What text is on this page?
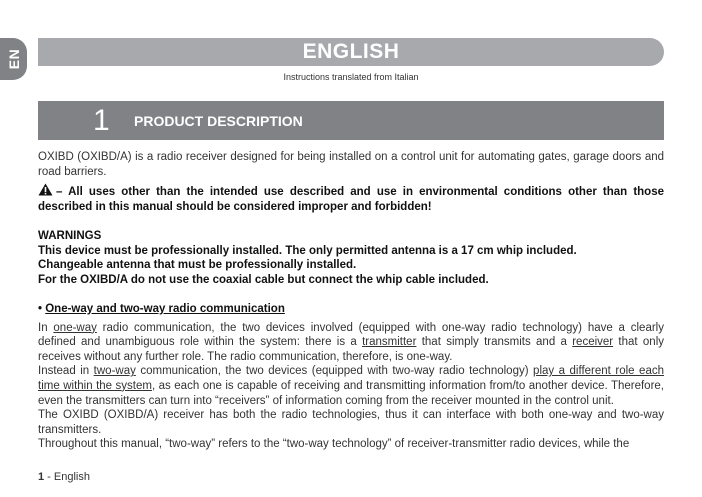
EN	ENGLISH
Instructions translated from Italian
1 PRODUCT DESCRIPTION

OXIBD (OXIBD/A) is a radio receiver designed for being installed on a control unit for automating gates, garage doors and road barriers.

– All uses other than the intended use described and use in environmental conditions other than those described in this manual should be considered improper and forbidden!

WARNINGS

This device must be professionally installed. The only permitted antenna is a 17 cm whip included.

Changeable antenna that must be professionally installed.

For the OXIBD/A do not use the coaxial cable but connect the whip cable included.

• One-way and two-way radio communication

In one-way radio communication, the two devices involved (equipped with one-way radio technology) have a clearly defined and unambiguous role within the system: there is a transmitter that simply transmits and a receiver that only receives without any further role. The radio communication, therefore, is one-way.

Instead in two-way communication, the two devices (equipped with two-way radio technology) play a different role each time within the system, as each one is capable of receiving and transmitting information from/to another device. Therefore, even the transmitters can turn into “receivers” of information coming from the receiver mounted in the control unit.

The OXIBD (OXIBD/A) receiver has both the radio technologies, thus it can interface with both one-way and two-way transmitters.

Throughout this manual, “two-way” refers to the “two-way technology” of receiver-transmitter radio devices, while the

1 - English
